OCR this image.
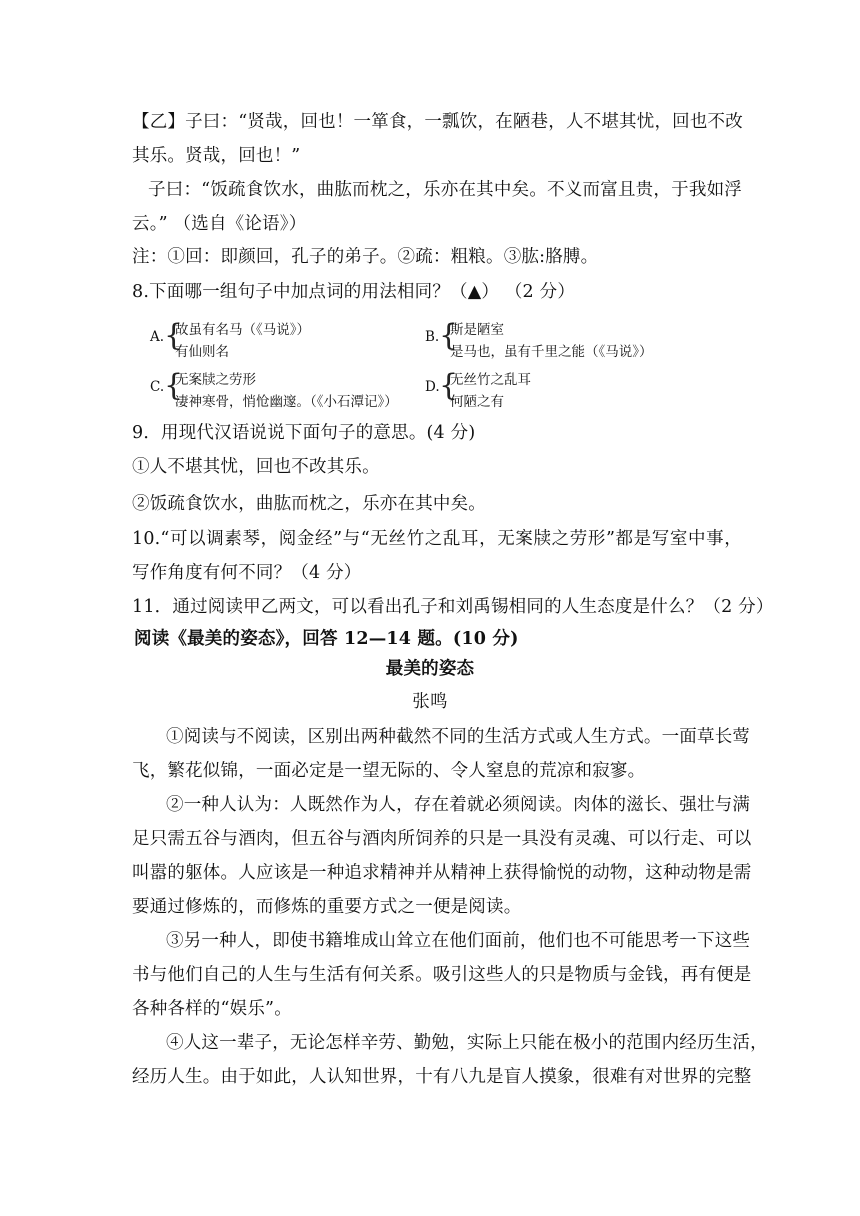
【乙】子曰：“贤哉，回也！一箪食，一瓢饮，在陋巷，人不堪其忧，回也不改
其乐。贤哉，回也！”
子曰：“饭疏食饮水，曲肱而枕之，乐亦在其中矣。不义而富且贵，于我如浮
云。” （选自《论语》）
注：①回：即颜回，孔子的弟子。②疏：粗粮。③肱:胳膊。
8.下面哪一组句子中加点词的用法相同？（▲） （2 分）
A. {
故虽有名马（《马说》）
有仙则名
B. {
斯是陋室
是马也，虽有千里之能（《马说》）
C. {
无案牍之劳形
凄神寒骨，悄怆幽邃。（《小石潭记》）
D. {
无丝竹之乱耳
何陋之有
9．用现代汉语说说下面句子的意思。(4 分)
①人不堪其忧，回也不改其乐。
②饭疏食饮水，曲肱而枕之，乐亦在其中矣。
10.“可以调素琴，阅金经”与“无丝竹之乱耳，无案牍之劳形”都是写室中事，
写作角度有何不同？（4 分）
11．通过阅读甲乙两文，可以看出孔子和刘禹锡相同的人生态度是什么？（2 分）
阅读《最美的姿态》，回答 12—14 题。(10 分)
最美的姿态
张鸣
①阅读与不阅读，区别出两种截然不同的生活方式或人生方式。一面草长莺
飞，繁花似锦，一面必定是一望无际的、令人窒息的荒凉和寂寥。
②一种人认为：人既然作为人，存在着就必须阅读。肉体的滋长、强壮与满
足只需五谷与酒肉，但五谷与酒肉所饲养的只是一具没有灵魂、可以行走、可以
叫嚣的躯体。人应该是一种追求精神并从精神上获得愉悦的动物，这种动物是需
要通过修炼的，而修炼的重要方式之一便是阅读。
③另一种人，即使书籍堆成山耸立在他们面前，他们也不可能思考一下这些
书与他们自己的人生与生活有何关系。吸引这些人的只是物质与金钱，再有便是
各种各样的“娱乐”。
④人这一辈子，无论怎样辛劳、勤勉，实际上只能在极小的范围内经历生活，
经历人生。由于如此，人认知世界，十有八九是盲人摸象，很难有对世界的完整
